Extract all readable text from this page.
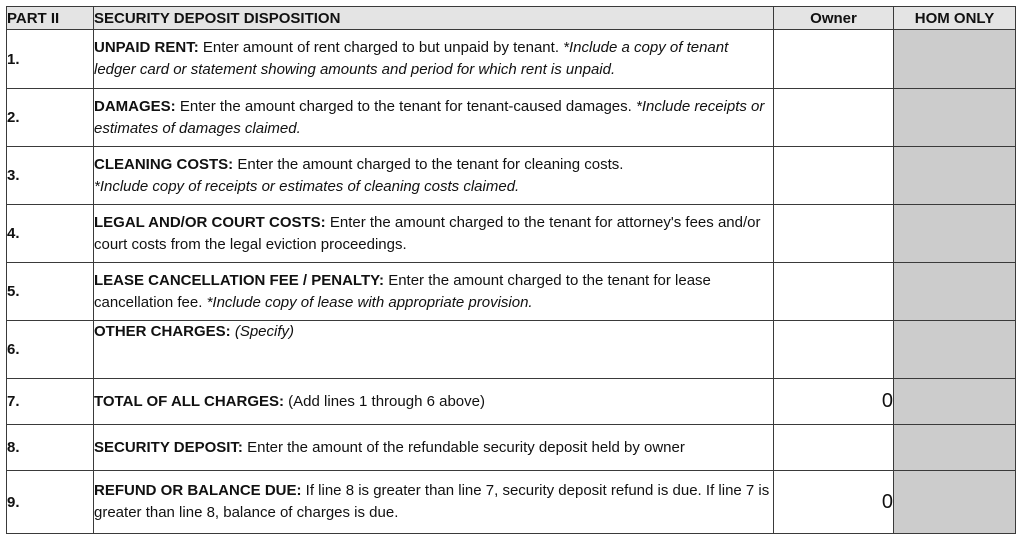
PART II	SECURITY DEPOSIT DISPOSITION	Owner	HOM ONLY
1.	UNPAID RENT: Enter amount of rent charged to but unpaid by tenant. *Include a copy of tenant ledger card or statement showing amounts and period for which rent is unpaid.		
2.	DAMAGES: Enter the amount charged to the tenant for tenant-caused damages. *Include receipts or estimates of damages claimed.		
3.	CLEANING COSTS: Enter the amount charged to the tenant for cleaning costs.
*Include copy of receipts or estimates of cleaning costs claimed.		
4.	LEGAL AND/OR COURT COSTS: Enter the amount charged to the tenant for attorney's fees and/or court costs from the legal eviction proceedings.		
5.	LEASE CANCELLATION FEE / PENALTY: Enter the amount charged to the tenant for lease cancellation fee. *Include copy of lease with appropriate provision.		
6.	OTHER CHARGES: (Specify)		
7.	TOTAL OF ALL CHARGES: (Add lines 1 through 6 above)	0	
8.	SECURITY DEPOSIT: Enter the amount of the refundable security deposit held by owner		
9.	REFUND OR BALANCE DUE: If line 8 is greater than line 7, security deposit refund is due. If line 7 is greater than line 8, balance of charges is due.	0	
